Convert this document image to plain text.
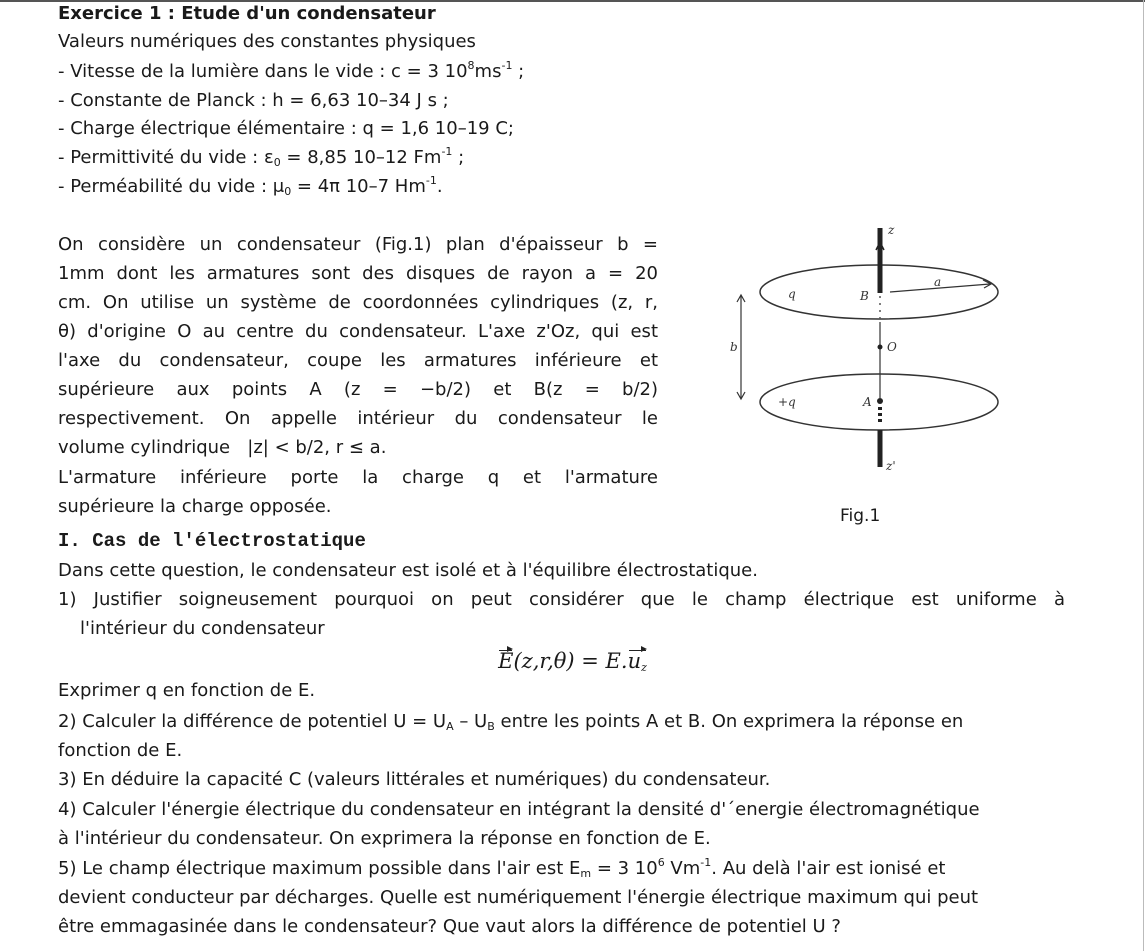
Exercice 1 : Etude d'un condensateur
Valeurs numériques des constantes physiques
- Vitesse de la lumière dans le vide : c = 3 $10^8ms^{-1}$ ;
- Constante de Planck : h = 6,63 10–34 J s ;
- Charge électrique élémentaire : q = 1,6 10–19 C;
- Permittivité du vide : $\varepsilon_0 = 8,85$ 10–12 $Fm^{-1}$ ;
- Perméabilité du vide : $\mu_0 = 4\pi$ 10–7 $Hm^{-1}$.
On considère un condensateur (Fig.1) plan d'épaisseur b =
1mm dont les armatures sont des disques de rayon a = 20
cm. On utilise un système de coordonnées cylindriques (z, r,
θ) d'origine O au centre du condensateur. L'axe z'Oz, qui est
l'axe du condensateur, coupe les armatures inférieure et
supérieure aux points A (z = −b/2) et B(z = b/2)
respectivement. On appelle intérieur du condensateur le
volume cylindrique   |z| < b/2, r ≤ a.
L'armature inférieure porte la charge q et l'armature
supérieure la charge opposée.
z
z'
a
b
B
A
O
q
+q
Fig.1
I. Cas de l'électrostatique
Dans cette question, le condensateur est isolé et à l'équilibre électrostatique.
1) Justifier soigneusement pourquoi on peut considérer que le champ électrique est uniforme à
l'intérieur du condensateur
$E(z,r,\theta) = E.u_z$
Exprimer q en fonction de E.
2) Calculer la différence de potentiel $U = U_A - U_B$ entre les points A et B. On exprimera la réponse en
fonction de E.
3) En déduire la capacité C (valeurs littérales et numériques) du condensateur.
4) Calculer l'énergie électrique du condensateur en intégrant la densité d'´energie électromagnétique
à l'intérieur du condensateur. On exprimera la réponse en fonction de E.
5) Le champ électrique maximum possible dans l'air est $E_m = 3$ $10^6$ $Vm^{-1}$. Au delà l'air est ionisé et
devient conducteur par décharges. Quelle est numériquement l'énergie électrique maximum qui peut
être emmagasinée dans le condensateur? Que vaut alors la différence de potentiel U ?
